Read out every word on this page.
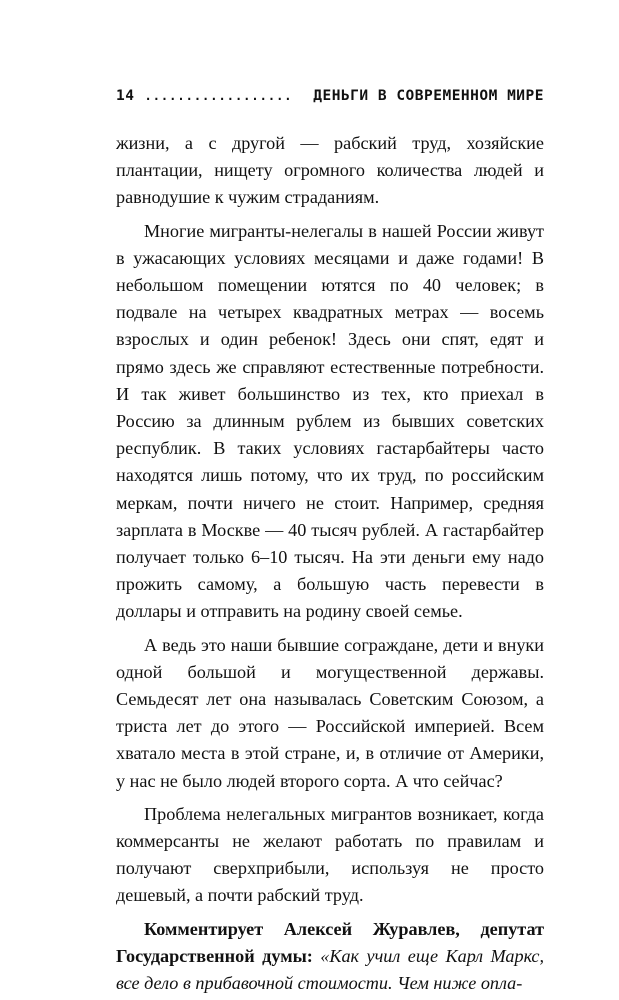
14 ..................	ДЕНЬГИ В СОВРЕМЕННОМ МИРЕ

жизни, а с другой — рабский труд, хозяйские плантации, нищету огромного количества людей и равнодушие к чужим страданиям.

Многие мигранты-нелегалы в нашей России живут в ужасающих условиях месяцами и даже годами! В небольшом помещении ютятся по 40 человек; в подвале на четырех квадратных метрах — восемь взрослых и один ребенок! Здесь они спят, едят и прямо здесь же справляют естественные потребности. И так живет большинство из тех, кто приехал в Россию за длинным рублем из бывших советских республик. В таких условиях гастарбайтеры часто находятся лишь потому, что их труд, по российским меркам, почти ничего не стоит. Например, средняя зарплата в Москве — 40 тысяч рублей. А гастарбайтер получает только 6–10 тысяч. На эти деньги ему надо прожить самому, а большую часть перевести в доллары и отправить на родину своей семье.

А ведь это наши бывшие сограждане, дети и внуки одной большой и могущественной державы. Семьдесят лет она называлась Советским Союзом, а триста лет до этого — Российской империей. Всем хватало места в этой стране, и, в отличие от Америки, у нас не было людей второго сорта. А что сейчас?

Проблема нелегальных мигрантов возникает, когда коммерсанты не желают работать по правилам и получают сверхприбыли, используя не просто дешевый, а почти рабский труд.

Комментирует Алексей Журавлев, депутат Государственной думы: «Как учил еще Карл Маркс, все дело в прибавочной стоимости. Чем ниже опла-
